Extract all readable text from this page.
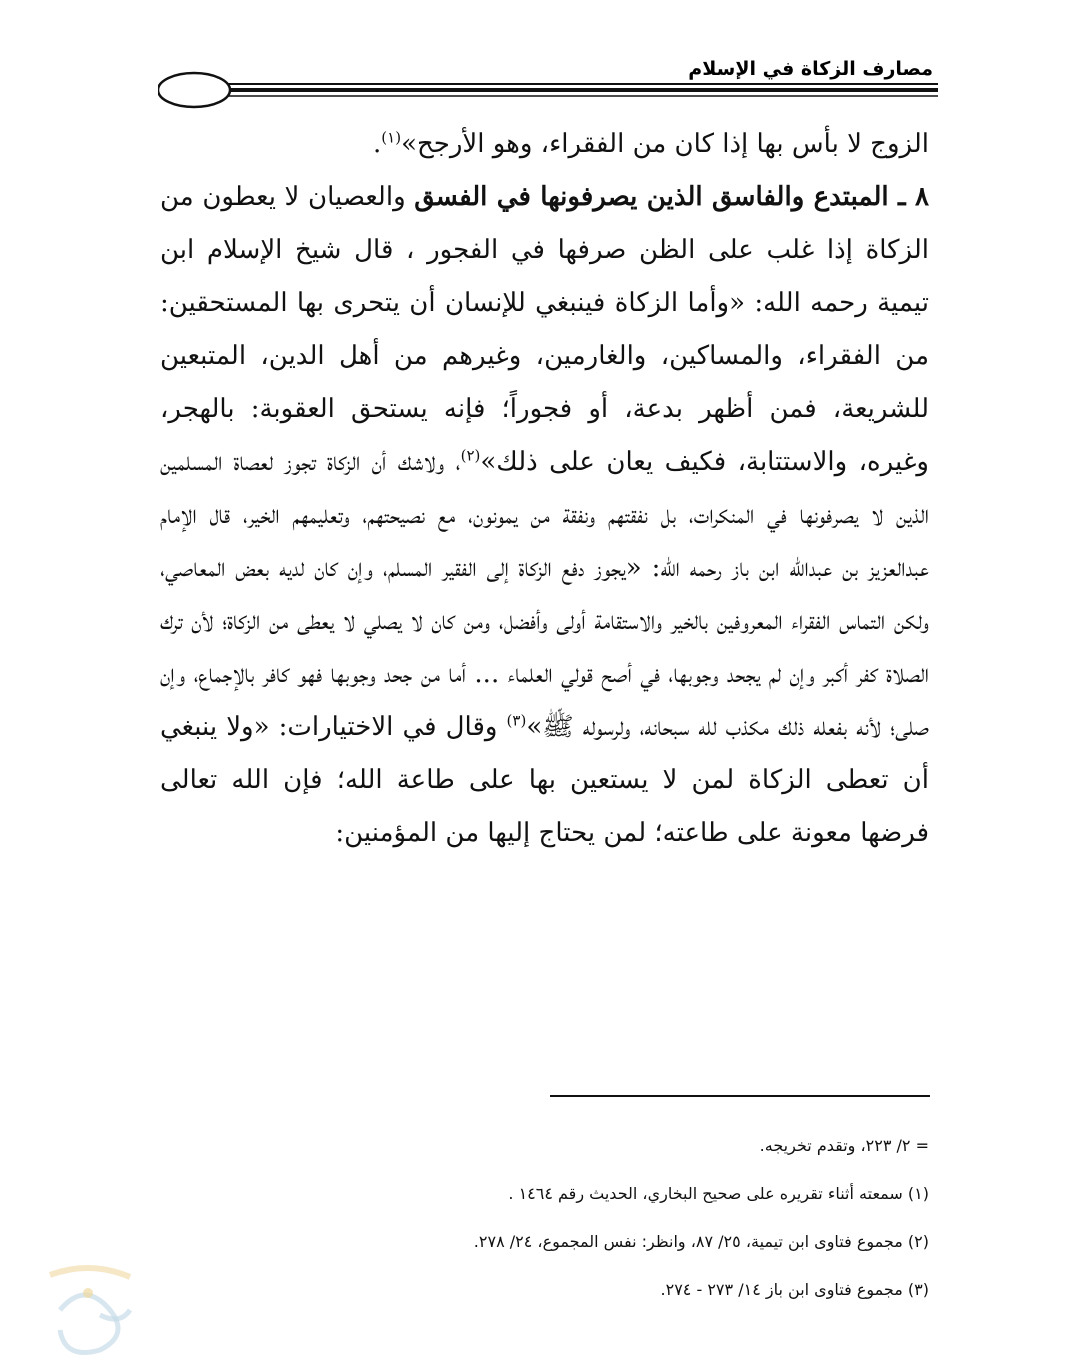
مصارف الزكاة في الإسلام

الزوج لا بأس بها إذا كان من الفقراء، وهو الأرجح»$^{(١)}$.

٨ ـ المبتدع والفاسق الذين يصرفونها في الفسق والعصيان لا يعطون من الزكاة إذا غلب على الظن صرفها في الفجور ، قال شيخ الإسلام ابن تيمية رحمه الله: «وأما الزكاة فينبغي للإنسان أن يتحرى بها المستحقين: من الفقراء، والمساكين، والغارمين، وغيرهم من أهل الدين، المتبعين للشريعة، فمن أظهر بدعة، أو فجوراً؛ فإنه يستحق العقوبة: بالهجر، وغيره، والاستتابة، فكيف يعان على ذلك»$^{(٢)}$، ولاشك أن الزكاة تجوز لعصاة المسلمين الذين لا يصرفونها في المنكرات، بل نفقتهم ونفقة من يمونون، مع نصيحتهم، وتعليمهم الخير، قال الإمام عبدالعزيز بن عبدالله ابن باز رحمه الله: «يجوز دفع الزكاة إلى الفقير المسلم، وإن كان لديه بعض المعاصي، ولكن التماس الفقراء المعروفين بالخير والاستقامة أولى وأفضل، ومن كان لا يصلي لا يعطى من الزكاة؛ لأن ترك الصلاة كفر أكبر وإن لم يجحد وجوبها، في أصح قولي العلماء ... أما من جحد وجوبها فهو كافر بالإجماع، وإن صلى؛ لأنه بفعله ذلك مكذب لله سبحانه، ولرسوله ﷺ»$^{(٣)}$ وقال في الاختيارات: «ولا ينبغي أن تعطى الزكاة لمن لا يستعين بها على طاعة الله؛ فإن الله تعالى فرضها معونة على طاعته؛ لمن يحتاج إليها من المؤمنين:

= ٢/ ٢٢٣، وتقدم تخريجه.
(١) سمعته أثناء تقريره على صحيح البخاري، الحديث رقم ١٤٦٤ .
(٢) مجموع فتاوى ابن تيمية، ٢٥/ ٨٧، وانظر: نفس المجموع، ٢٤/ ٢٧٨.
(٣) مجموع فتاوى ابن باز ١٤/ ٢٧٣ - ٢٧٤.
